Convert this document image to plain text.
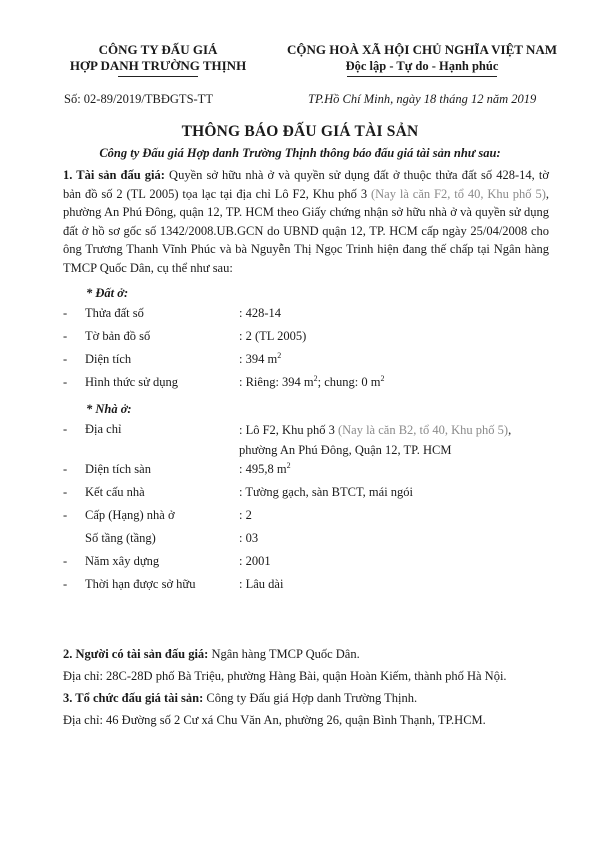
CÔNG TY ĐẤU GIÁ
HỢP DANH TRƯỜNG THỊNH
CỘNG HOÀ XÃ HỘI CHỦ NGHĨA VIỆT NAM
Độc lập - Tự do - Hạnh phúc
Số: 02-89/2019/TBĐGTS-TT	TP.Hồ Chí Minh, ngày 18 tháng 12 năm 2019
THÔNG BÁO ĐẤU GIÁ TÀI SẢN
Công ty Đấu giá Hợp danh Trường Thịnh thông báo đấu giá tài sản như sau:

1. Tài sản đấu giá: Quyền sở hữu nhà ở và quyền sử dụng đất ở thuộc thửa đất số 428-14, tờ bản đồ số 2 (TL 2005) tọa lạc tại địa chỉ Lô F2, Khu phố 3 (Nay là căn F2, tổ 40, Khu phố 5), phường An Phú Đông, quận 12, TP. HCM theo Giấy chứng nhận sở hữu nhà ở và quyền sử dụng đất ở hồ sơ gốc số 1342/2008.UB.GCN do UBND quận 12, TP. HCM cấp ngày 25/04/2008 cho ông Trương Thanh Vĩnh Phúc và bà Nguyễn Thị Ngọc Trinh hiện đang thế chấp tại Ngân hàng TMCP Quốc Dân, cụ thể như sau:

* Đất ở:
- Thửa đất số	: 428-14
- Tờ bản đồ số	: 2 (TL 2005)
- Diện tích	: 394 $m^2$
- Hình thức sử dụng	: Riêng: 394 $m^2$; chung: 0 $m^2$
* Nhà ở:
- Địa chỉ	: Lô F2, Khu phố 3 (Nay là căn B2, tổ 40, Khu phố 5),
phường An Phú Đông, Quận 12, TP. HCM
- Diện tích sàn	: 495,8 $m^2$
- Kết cấu nhà	: Tường gạch, sàn BTCT, mái ngói
- Cấp (Hạng) nhà ở	: 2
Số tầng (tầng)	: 03
- Năm xây dựng	: 2001
- Thời hạn được sở hữu	: Lâu dài

2. Người có tài sản đấu giá: Ngân hàng TMCP Quốc Dân.

Địa chỉ: 28C-28D phố Bà Triệu, phường Hàng Bài, quận Hoàn Kiếm, thành phố Hà Nội.

3. Tổ chức đấu giá tài sản: Công ty Đấu giá Hợp danh Trường Thịnh.

Địa chỉ: 46 Đường số 2 Cư xá Chu Văn An, phường 26, quận Bình Thạnh, TP.HCM.
